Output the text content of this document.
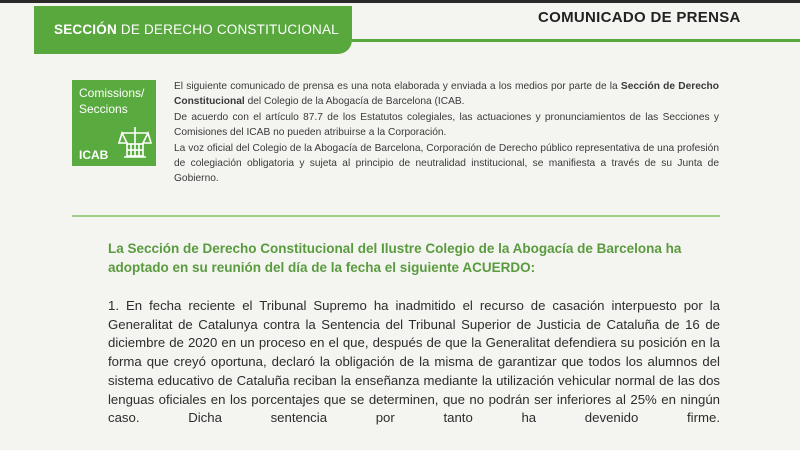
SECCIÓN DE DERECHO CONSTITUCIONAL
COMUNICADO DE PRENSA
Comissions/
Seccions
ICAB

El siguiente comunicado de prensa es una nota elaborada y enviada a los medios por parte de la Sección de Derecho Constitucional del Colegio de la Abogacía de Barcelona (ICAB.

De acuerdo con el artículo 87.7 de los Estatutos colegiales, las actuaciones y pronunciamientos de las Secciones y Comisiones del ICAB no pueden atribuirse a la Corporación.

La voz oficial del Colegio de la Abogacía de Barcelona, Corporación de Derecho público representativa de una profesión de colegiación obligatoria y sujeta al principio de neutralidad institucional, se manifiesta a través de su Junta de Gobierno.

La Sección de Derecho Constitucional del Ilustre Colegio de la Abogacía de Barcelona ha adoptado en su reunión del día de la fecha el siguiente ACUERDO:
1. En fecha reciente el Tribunal Supremo ha inadmitido el recurso de casación interpuesto por la Generalitat de Catalunya contra la Sentencia del Tribunal Superior de Justicia de Cataluña de 16 de diciembre de 2020 en un proceso en el que, después de que la Generalitat defendiera su posición en la forma que creyó oportuna, declaró la obligación de la misma de garantizar que todos los alumnos del sistema educativo de Cataluña reciban la enseñanza mediante la utilización vehicular normal de las dos lenguas oficiales en los porcentajes que se determinen, que no podrán ser inferiores al 25% en ningún caso. Dicha sentencia por tanto ha devenido firme.
